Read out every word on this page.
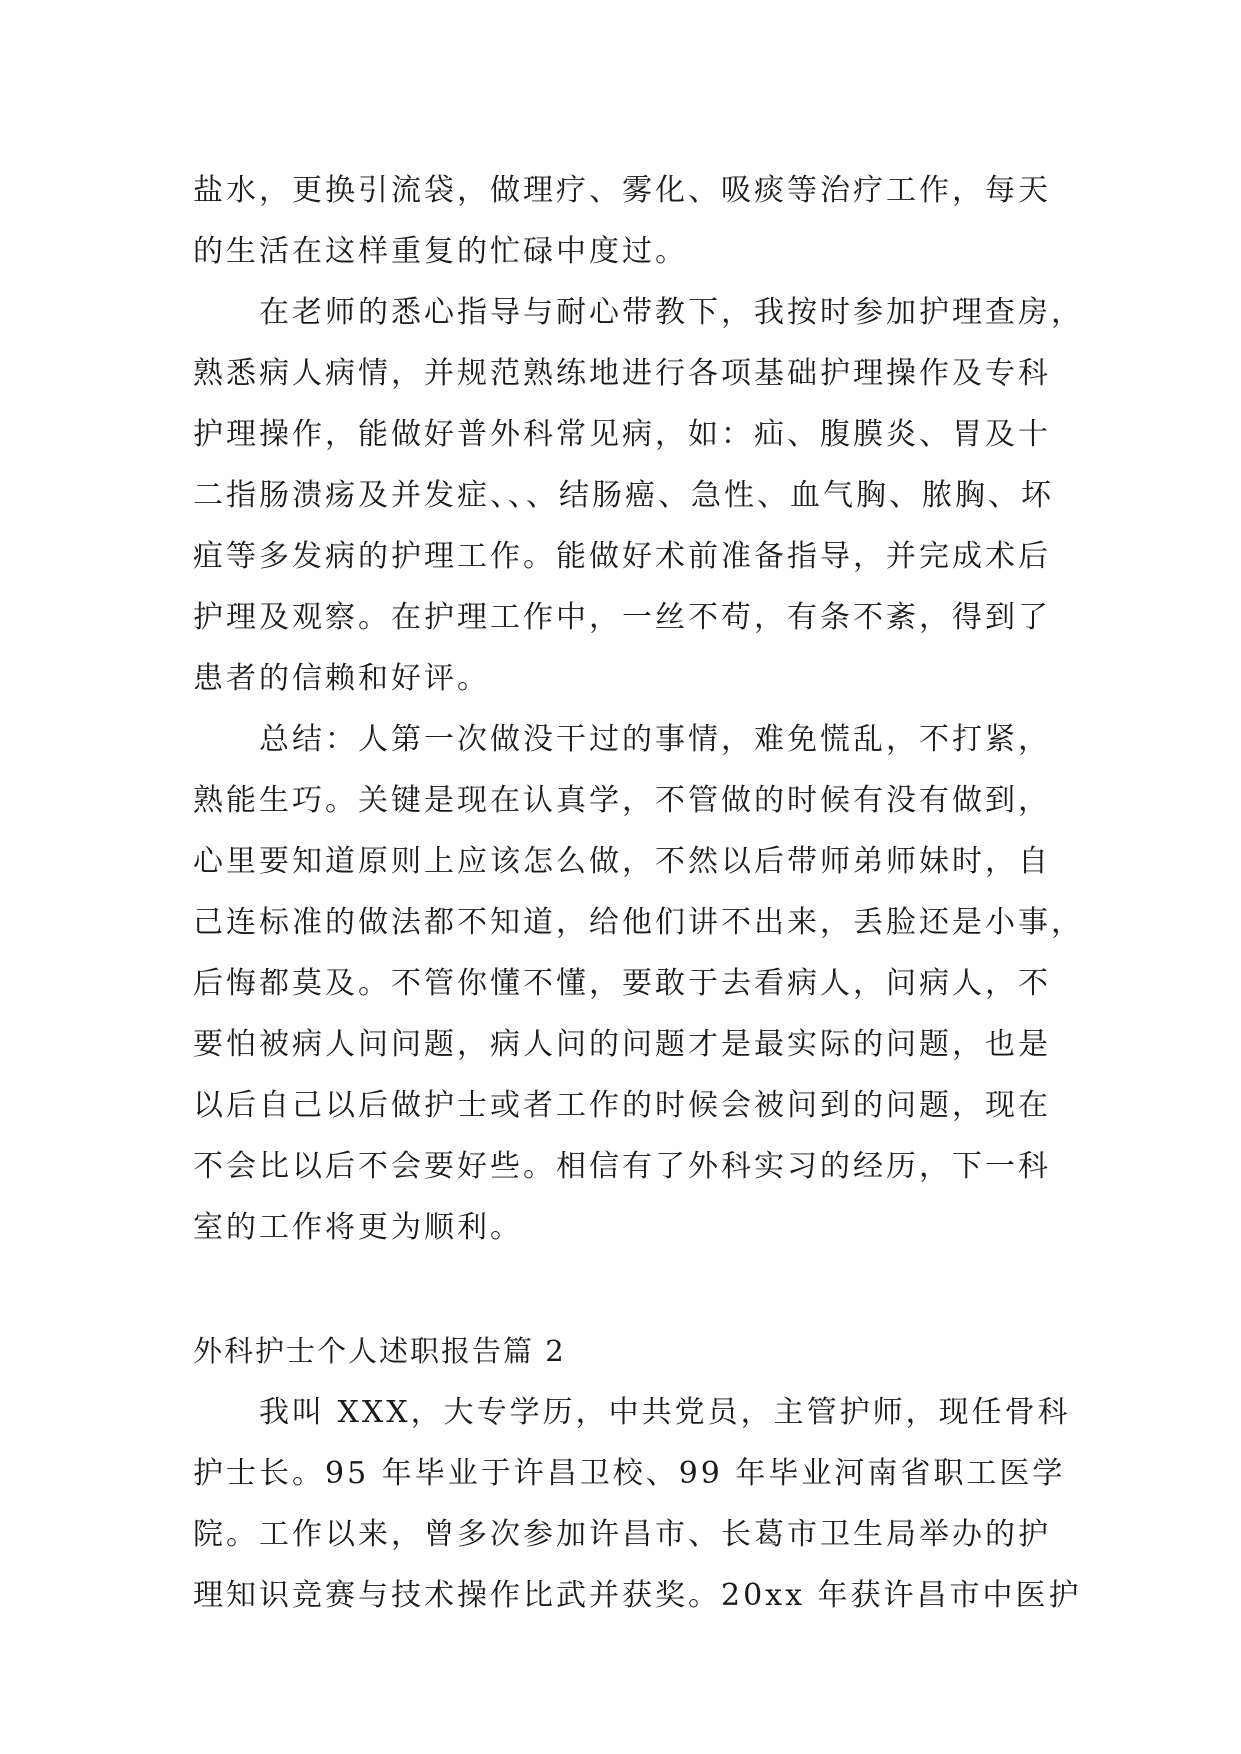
盐水，更换引流袋，做理疗、雾化、吸痰等治疗工作，每天
的生活在这样重复的忙碌中度过。
在老师的悉心指导与耐心带教下，我按时参加护理查房，
熟悉病人病情，并规范熟练地进行各项基础护理操作及专科
护理操作，能做好普外科常见病，如：疝、腹膜炎、胃及十
二指肠溃疡及并发症、、、结肠癌、急性、血气胸、脓胸、坏
疽等多发病的护理工作。能做好术前准备指导，并完成术后
护理及观察。在护理工作中，一丝不苟，有条不紊，得到了
患者的信赖和好评。
总结：人第一次做没干过的事情，难免慌乱，不打紧，
熟能生巧。关键是现在认真学，不管做的时候有没有做到，
心里要知道原则上应该怎么做，不然以后带师弟师妹时，自
己连标准的做法都不知道，给他们讲不出来，丢脸还是小事，
后悔都莫及。不管你懂不懂，要敢于去看病人，问病人，不
要怕被病人问问题，病人问的问题才是最实际的问题，也是
以后自己以后做护士或者工作的时候会被问到的问题，现在
不会比以后不会要好些。相信有了外科实习的经历，下一科
室的工作将更为顺利。
外科护士个人述职报告篇 2
我叫 XXX，大专学历，中共党员，主管护师，现任骨科
护士长。95 年毕业于许昌卫校、99 年毕业河南省职工医学
院。工作以来，曾多次参加许昌市、长葛市卫生局举办的护
理知识竞赛与技术操作比武并获奖。20xx 年获许昌市中医护
